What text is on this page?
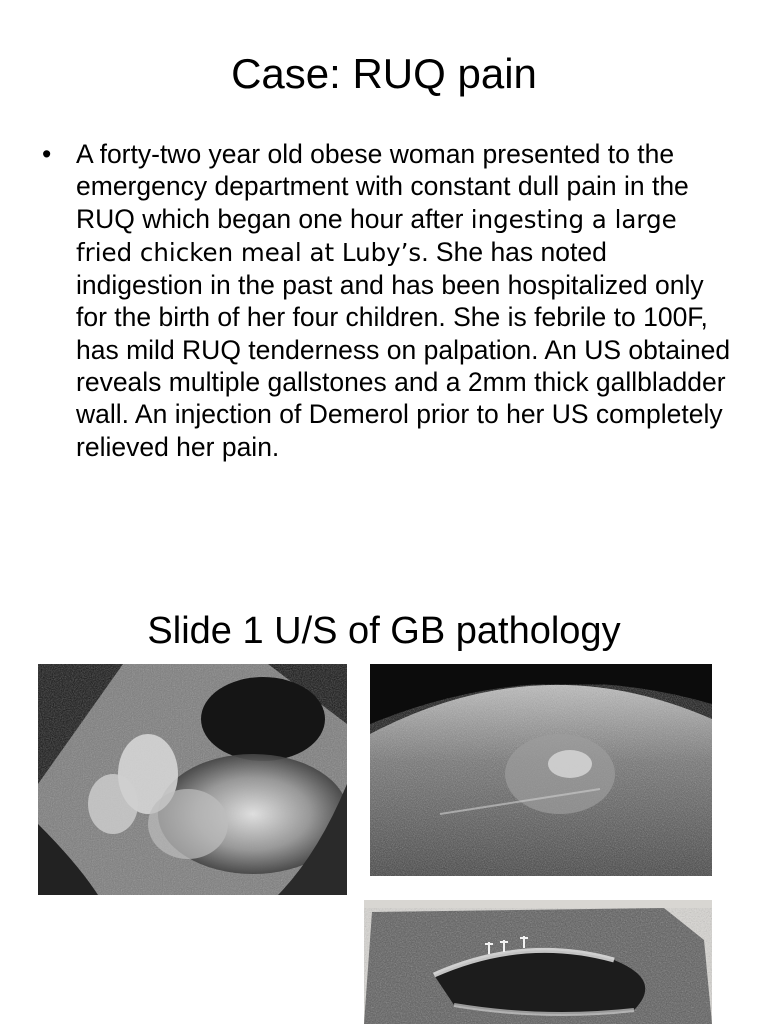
Case: RUQ pain
• A forty-two year old obese woman presented to the emergency department with constant dull pain in the RUQ which began one hour after ingesting a large fried chicken meal at Luby’s. She has noted indigestion in the past and has been hospitalized only for the birth of her four children. She is febrile to 100F, has mild RUQ tenderness on palpation. An US obtained reveals multiple gallstones and a 2mm thick gallbladder wall. An injection of Demerol prior to her US completely relieved her pain.
Slide 1 U/S of GB pathology
